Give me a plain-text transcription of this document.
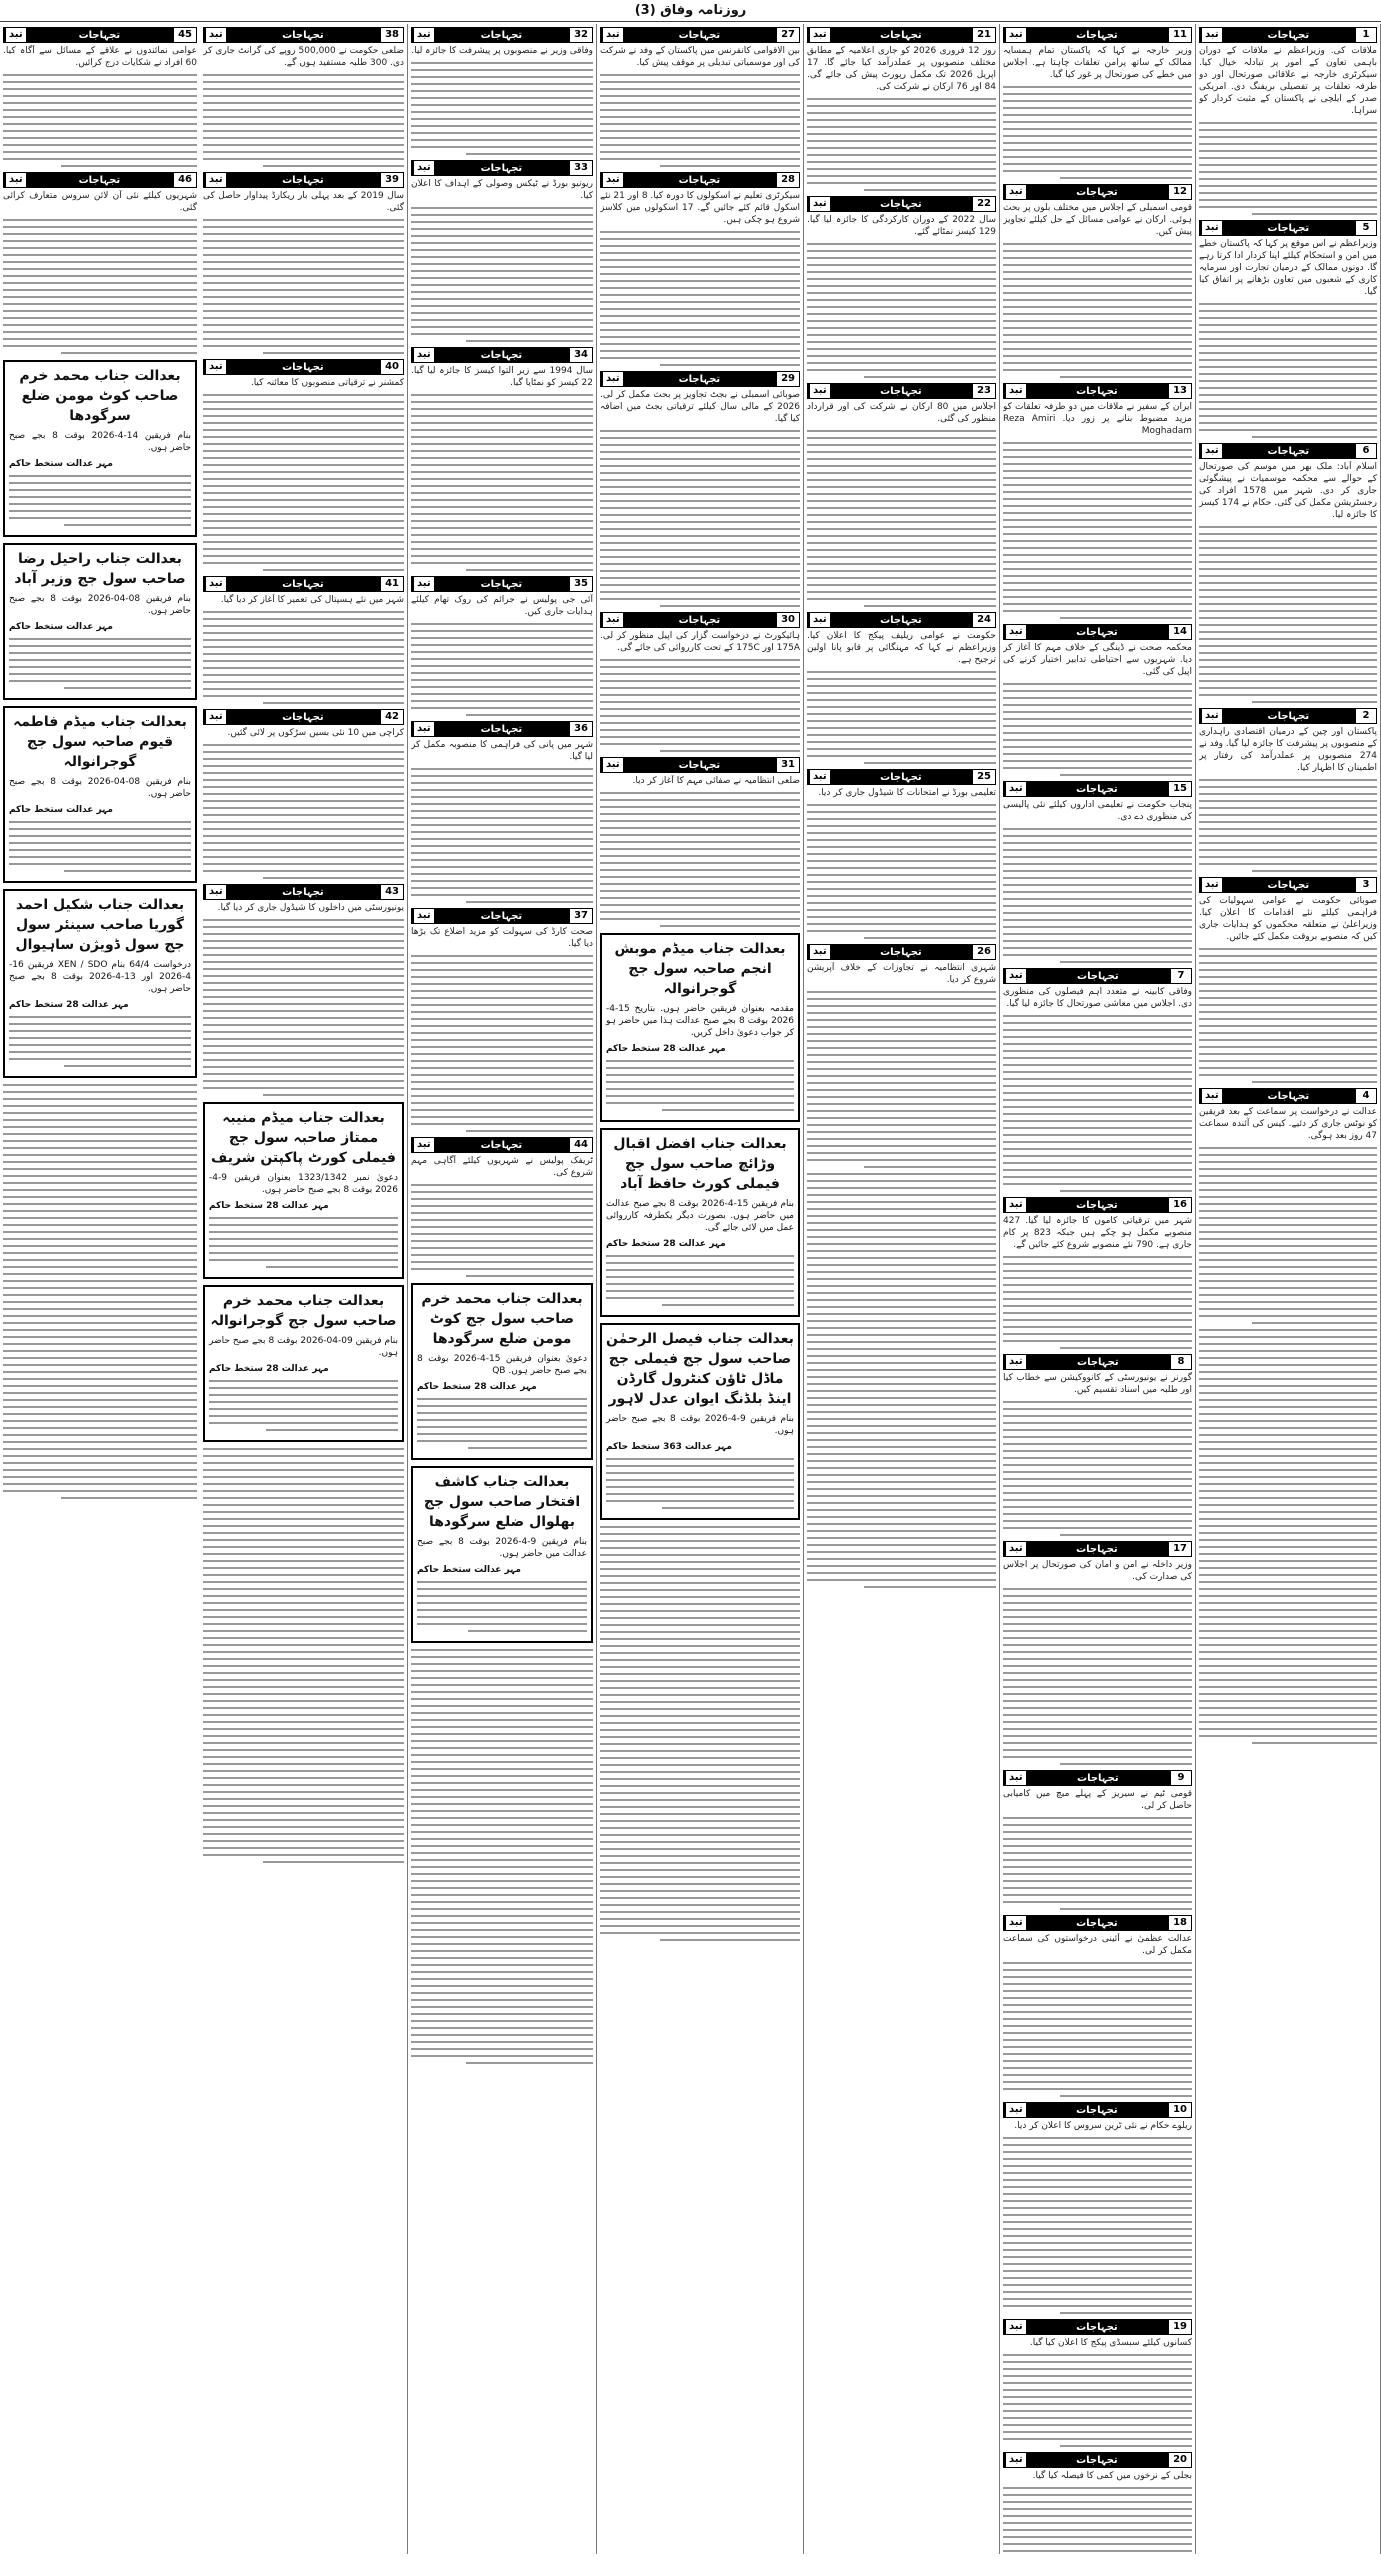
روزنامہ وفاق (3)
1
تجہاجات
تبد
ملاقات کی. وزیراعظم نے ملاقات کے دوران باہمی تعاون کے امور پر تبادلہ خیال کیا. سیکرٹری خارجہ نے علاقائی صورتحال اور دو طرفہ تعلقات پر تفصیلی بریفنگ دی. امریکی صدر کے ایلچی نے پاکستان کے مثبت کردار کو سراہا.
5
تجہاجات
تبد
وزیراعظم نے اس موقع پر کہا کہ پاکستان خطے میں امن و استحکام کیلئے اپنا کردار ادا کرتا رہے گا. دونوں ممالک کے درمیان تجارت اور سرمایہ کاری کے شعبوں میں تعاون بڑھانے پر اتفاق کیا گیا.
6
تجہاجات
تبد
اسلام آباد: ملک بھر میں موسم کی صورتحال کے حوالے سے محکمہ موسمیات نے پیشگوئی جاری کر دی. شہر میں 1578 افراد کی رجسٹریشن مکمل کی گئی. حکام نے 174 کیسز کا جائزہ لیا.
2
تجہاجات
تبد
پاکستان اور چین کے درمیان اقتصادی راہداری کے منصوبوں پر پیشرفت کا جائزہ لیا گیا. وفد نے 274 منصوبوں پر عملدرآمد کی رفتار پر اطمینان کا اظہار کیا.
3
تجہاجات
تبد
صوبائی حکومت نے عوامی سہولیات کی فراہمی کیلئے نئے اقدامات کا اعلان کیا. وزیراعلیٰ نے متعلقہ محکموں کو ہدایات جاری کیں کہ منصوبے بروقت مکمل کئے جائیں.
4
تجہاجات
تبد
عدالت نے درخواست پر سماعت کے بعد فریقین کو نوٹس جاری کر دئیے. کیس کی آئندہ سماعت 47 روز بعد ہوگی.
11
تجہاجات
تبد
وزیر خارجہ نے کہا کہ پاکستان تمام ہمسایہ ممالک کے ساتھ پرامن تعلقات چاہتا ہے. اجلاس میں خطے کی صورتحال پر غور کیا گیا.
12
تجہاجات
تبد
قومی اسمبلی کے اجلاس میں مختلف بلوں پر بحث ہوئی. ارکان نے عوامی مسائل کے حل کیلئے تجاویز پیش کیں.
13
تجہاجات
تبد
ایران کے سفیر نے ملاقات میں دو طرفہ تعلقات کو مزید مضبوط بنانے پر زور دیا. Reza Amiri Moghadam
14
تجہاجات
تبد
محکمہ صحت نے ڈینگی کے خلاف مہم کا آغاز کر دیا. شہریوں سے احتیاطی تدابیر اختیار کرنے کی اپیل کی گئی.
15
تجہاجات
تبد
پنجاب حکومت نے تعلیمی اداروں کیلئے نئی پالیسی کی منظوری دے دی.
7
تجہاجات
تبد
وفاقی کابینہ نے متعدد اہم فیصلوں کی منظوری دی. اجلاس میں معاشی صورتحال کا جائزہ لیا گیا.
16
تجہاجات
تبد
شہر میں ترقیاتی کاموں کا جائزہ لیا گیا. 427 منصوبے مکمل ہو چکے ہیں جبکہ 823 پر کام جاری ہے. 790 نئے منصوبے شروع کئے جائیں گے.
8
تجہاجات
تبد
گورنر نے یونیورسٹی کے کانووکیشن سے خطاب کیا اور طلبہ میں اسناد تقسیم کیں.
17
تجہاجات
تبد
وزیر داخلہ نے امن و امان کی صورتحال پر اجلاس کی صدارت کی.
9
تجہاجات
تبد
قومی ٹیم نے سیریز کے پہلے میچ میں کامیابی حاصل کر لی.
18
تجہاجات
تبد
عدالت عظمیٰ نے آئینی درخواستوں کی سماعت مکمل کر لی.
10
تجہاجات
تبد
ریلوے حکام نے نئی ٹرین سروس کا اعلان کر دیا.
19
تجہاجات
تبد
کسانوں کیلئے سبسڈی پیکج کا اعلان کیا گیا.
20
تجہاجات
تبد
بجلی کے نرخوں میں کمی کا فیصلہ کیا گیا.
21
تجہاجات
تبد
روز 12 فروری 2026 کو جاری اعلامیہ کے مطابق مختلف منصوبوں پر عملدرآمد کیا جائے گا. 17 اپریل 2026 تک مکمل رپورٹ پیش کی جائے گی. 84 اور 76 ارکان نے شرکت کی.
22
تجہاجات
تبد
سال 2022 کے دوران کارکردگی کا جائزہ لیا گیا. 129 کیسز نمٹائے گئے.
23
تجہاجات
تبد
اجلاس میں 80 ارکان نے شرکت کی اور قرارداد منظور کی گئی.
24
تجہاجات
تبد
حکومت نے عوامی ریلیف پیکج کا اعلان کیا. وزیراعظم نے کہا کہ مہنگائی پر قابو پانا اولین ترجیح ہے.
25
تجہاجات
تبد
تعلیمی بورڈ نے امتحانات کا شیڈول جاری کر دیا.
26
تجہاجات
تبد
شہری انتظامیہ نے تجاوزات کے خلاف آپریشن شروع کر دیا.
27
تجہاجات
تبد
بین الاقوامی کانفرنس میں پاکستان کے وفد نے شرکت کی اور موسمیاتی تبدیلی پر موقف پیش کیا.
28
تجہاجات
تبد
سیکرٹری تعلیم نے اسکولوں کا دورہ کیا. 8 اور 21 نئے اسکول قائم کئے جائیں گے. 17 اسکولوں میں کلاسز شروع ہو چکی ہیں.
29
تجہاجات
تبد
صوبائی اسمبلی نے بجٹ تجاویز پر بحث مکمل کر لی. 2026 کے مالی سال کیلئے ترقیاتی بجٹ میں اضافہ کیا گیا.
30
تجہاجات
تبد
ہائیکورٹ نے درخواست گزار کی اپیل منظور کر لی. 175A اور 175C کے تحت کارروائی کی جائے گی.
31
تجہاجات
تبد
ضلعی انتظامیہ نے صفائی مہم کا آغاز کر دیا.
بعدالت جناب میڈم موبش انجم صاحبہ سول جج گوجرانوالہ
مقدمہ بعنوان فریقین حاضر ہوں. بتاریخ 15-4-2026 بوقت 8 بجے صبح عدالت ہذا میں حاضر ہو کر جواب دعویٰ داخل کریں.
مہر عدالت 28 ستخط حاکم
بعدالت جناب افضل اقبال وڑائچ صاحب سول جج فیملی کورٹ حافظ آباد
بنام فریقین 15-4-2026 بوقت 8 بجے صبح عدالت میں حاضر ہوں. بصورت دیگر یکطرفہ کارروائی عمل میں لائی جائے گی.
مہر عدالت 28 ستخط حاکم
بعدالت جناب فیصل الرحمٰن صاحب سول جج فیملی جج ماڈل ٹاؤن کنٹرول گارڈن اینڈ بلڈنگ ایوان عدل لاہور
بنام فریقین 9-4-2026 بوقت 8 بجے صبح حاضر ہوں.
مہر عدالت 363 ستخط حاکم
32
تجہاجات
تبد
وفاقی وزیر نے منصوبوں پر پیشرفت کا جائزہ لیا.
33
تجہاجات
تبد
ریونیو بورڈ نے ٹیکس وصولی کے اہداف کا اعلان کیا.
34
تجہاجات
تبد
سال 1994 سے زیر التوا کیسز کا جائزہ لیا گیا. 22 کیسز کو نمٹایا گیا.
35
تجہاجات
تبد
آئی جی پولیس نے جرائم کی روک تھام کیلئے ہدایات جاری کیں.
36
تجہاجات
تبد
شہر میں پانی کی فراہمی کا منصوبہ مکمل کر لیا گیا.
37
تجہاجات
تبد
صحت کارڈ کی سہولت کو مزید اضلاع تک بڑھا دیا گیا.
44
تجہاجات
تبد
ٹریفک پولیس نے شہریوں کیلئے آگاہی مہم شروع کی.
بعدالت جناب محمد خرم صاحب سول جج کوٹ مومن ضلع سرگودھا
دعویٰ بعنوان فریقین 15-4-2026 بوقت 8 بجے صبح حاضر ہوں. QB
مہر عدالت 28 ستخط حاکم
بعدالت جناب کاشف افتخار صاحب سول جج بھلوال ضلع سرگودھا
بنام فریقین 9-4-2026 بوقت 8 بجے صبح عدالت میں حاضر ہوں.
مہر عدالت ستخط حاکم
38
تجہاجات
تبد
ضلعی حکومت نے 500,000 روپے کی گرانٹ جاری کر دی. 300 طلبہ مستفید ہوں گے.
39
تجہاجات
تبد
سال 2019 کے بعد پہلی بار ریکارڈ پیداوار حاصل کی گئی.
40
تجہاجات
تبد
کمشنر نے ترقیاتی منصوبوں کا معائنہ کیا.
41
تجہاجات
تبد
شہر میں نئے ہسپتال کی تعمیر کا آغاز کر دیا گیا.
42
تجہاجات
تبد
کراچی میں 10 نئی بسیں سڑکوں پر لائی گئیں.
43
تجہاجات
تبد
یونیورسٹی میں داخلوں کا شیڈول جاری کر دیا گیا.
بعدالت جناب میڈم منیبہ ممتاز صاحبہ سول جج فیملی کورٹ پاکپتن شریف
دعویٰ نمبر 1323/1342 بعنوان فریقین 9-4-2026 بوقت 8 بجے صبح حاضر ہوں.
مہر عدالت 28 ستخط حاکم
بعدالت جناب محمد خرم صاحب سول جج گوجرانوالہ
بنام فریقین 09-04-2026 بوقت 8 بجے صبح حاضر ہوں.
مہر عدالت 28 ستخط حاکم
45
تجہاجات
تبد
عوامی نمائندوں نے علاقے کے مسائل سے آگاہ کیا. 60 افراد نے شکایات درج کرائیں.
46
تجہاجات
تبد
شہریوں کیلئے نئی آن لائن سروس متعارف کرائی گئی.
بعدالت جناب محمد خرم صاحب کوٹ مومن ضلع سرگودھا
بنام فریقین 14-4-2026 بوقت 8 بجے صبح حاضر ہوں.
مہر عدالت ستخط حاکم
بعدالت جناب راحیل رضا صاحب سول جج وزیر آباد
بنام فریقین 08-04-2026 بوقت 8 بجے صبح حاضر ہوں.
مہر عدالت ستخط حاکم
بعدالت جناب میڈم فاطمہ قیوم صاحبہ سول جج گوجرانوالہ
بنام فریقین 08-04-2026 بوقت 8 بجے صبح حاضر ہوں.
مہر عدالت ستخط حاکم
بعدالت جناب شکیل احمد گوریا صاحب سینئر سول جج سول ڈویژن ساہیوال
درخواست 64/4 بنام XEN / SDO فریقین 16-4-2026 اور 13-4-2026 بوقت 8 بجے صبح حاضر ہوں.
مہر عدالت 28 ستخط حاکم
